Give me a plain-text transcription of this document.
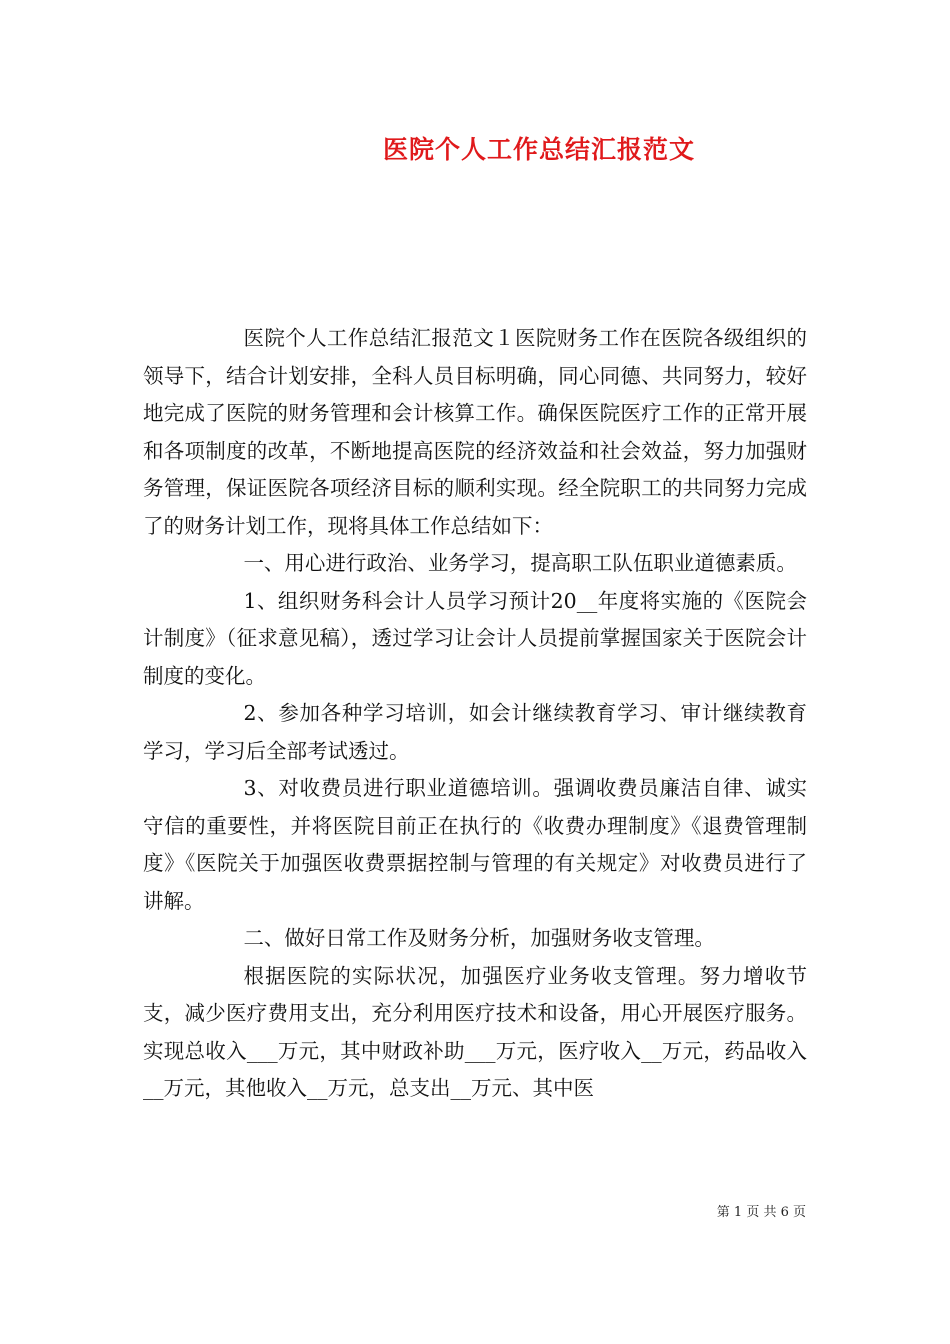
医院个人工作总结汇报范文

医院个人工作总结汇报范文１医院财务工作在医院各级组织的领导下，结合计划安排，全科人员目标明确，同心同德、共同努力，较好地完成了医院的财务管理和会计核算工作。确保医院医疗工作的正常开展和各项制度的改革，不断地提高医院的经济效益和社会效益，努力加强财务管理，保证医院各项经济目标的顺利实现。经全院职工的共同努力完成了的财务计划工作，现将具体工作总结如下：

一、用心进行政治、业务学习，提高职工队伍职业道德素质。

1、组织财务科会计人员学习预计20__年度将实施的《医院会计制度》（征求意见稿），透过学习让会计人员提前掌握国家关于医院会计制度的变化。

2、参加各种学习培训，如会计继续教育学习、审计继续教育学习，学习后全部考试透过。

3、对收费员进行职业道德培训。强调收费员廉洁自律、诚实守信的重要性，并将医院目前正在执行的《收费办理制度》《退费管理制度》《医院关于加强医收费票据控制与管理的有关规定》对收费员进行了讲解。

二、做好日常工作及财务分析，加强财务收支管理。

根据医院的实际状况，加强医疗业务收支管理。努力增收节支，减少医疗费用支出，充分利用医疗技术和设备，用心开展医疗服务。实现总收入___万元，其中财政补助___万元，医疗收入__万元，药品收入__万元，其他收入__万元，总支出__万元、其中医

第 1 页 共 6 页
